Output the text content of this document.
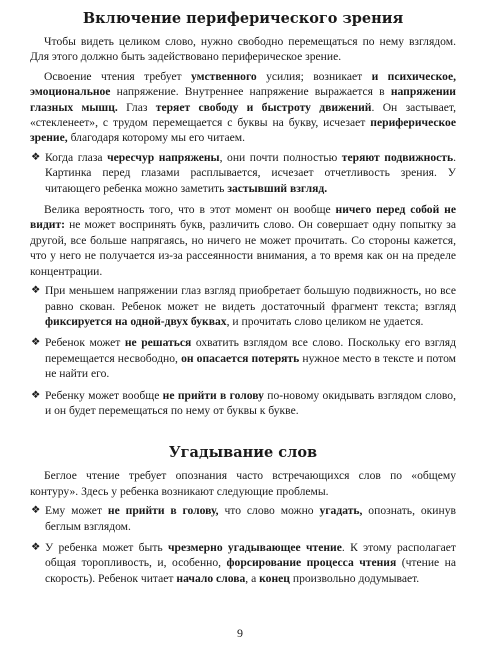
Включение периферического зрения

Чтобы видеть целиком слово, нужно свободно перемещаться по нему взглядом. Для этого должно быть задействовано периферическое зрение.

Освоение чтения требует умственного усилия; возникает и психическое, эмоциональное напряжение. Внутреннее напряжение выражается в напряжении глазных мышц. Глаз теряет свободу и быстроту движений. Он застывает, «стекленеет», с трудом перемещается с буквы на букву, исчезает периферическое зрение, благодаря которому мы его читаем.

❖ Когда глаза чересчур напряжены, они почти полностью теряют подвижность. Картинка перед глазами расплывается, исчезает отчетливость зрения. У читающего ребенка можно заметить застывший взгляд.

Велика вероятность того, что в этот момент он вообще ничего перед собой не видит: не может воспринять букв, различить слово. Он совершает одну попытку за другой, все больше напрягаясь, но ничего не может прочитать. Со стороны кажется, что у него не получается из-за рассеянности внимания, а то время как он на пределе концентрации.

❖ При меньшем напряжении глаз взгляд приобретает большую подвижность, но все равно скован. Ребенок может не видеть достаточный фрагмент текста; взгляд фиксируется на одной-двух буквах, и прочитать слово целиком не удается.
❖ Ребенок может не решаться охватить взглядом все слово. Поскольку его взгляд перемещается несвободно, он опасается потерять нужное место в тексте и потом не найти его.
❖ Ребенку может вообще не прийти в голову по-новому окидывать взглядом слово, и он будет перемещаться по нему от буквы к букве.
Угадывание слов

Беглое чтение требует опознания часто встречающихся слов по «общему контуру». Здесь у ребенка возникают следующие проблемы.

❖ Ему может не прийти в голову, что слово можно угадать, опознать, окинув беглым взглядом.
❖ У ребенка может быть чрезмерно угадывающее чтение. К этому располагает общая торопливость, и, особенно, форсирование процесса чтения (чтение на скорость). Ребенок читает начало слова, а конец произвольно додумывает.
9
